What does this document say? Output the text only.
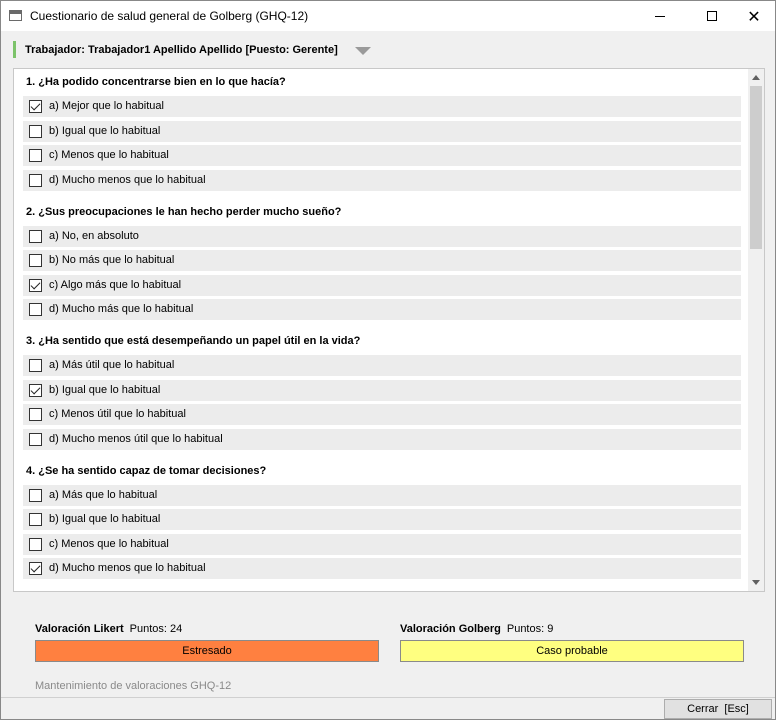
Cuestionario de salud general de Golberg (GHQ-12)	✕
Trabajador: Trabajador1 Apellido Apellido [Puesto: Gerente]
1. ¿Ha podido concentrarse bien en lo que hacía?
a) Mejor que lo habitual
b) Igual que lo habitual
c) Menos que lo habitual
d) Mucho menos que lo habitual
2. ¿Sus preocupaciones le han hecho perder mucho sueño?
a) No, en absoluto
b) No más que lo habitual
c) Algo más que lo habitual
d) Mucho más que lo habitual
3. ¿Ha sentido que está desempeñando un papel útil en la vida?
a) Más útil que lo habitual
b) Igual que lo habitual
c) Menos útil que lo habitual
d) Mucho menos útil que lo habitual
4. ¿Se ha sentido capaz de tomar decisiones?
a) Más que lo habitual
b) Igual que lo habitual
c) Menos que lo habitual
d) Mucho menos que lo habitual
Valoración Likert Puntos: 24
Estresado
Valoración Golberg Puntos: 9
Caso probable
Mantenimiento de valoraciones GHQ-12
Cerrar  [Esc]
